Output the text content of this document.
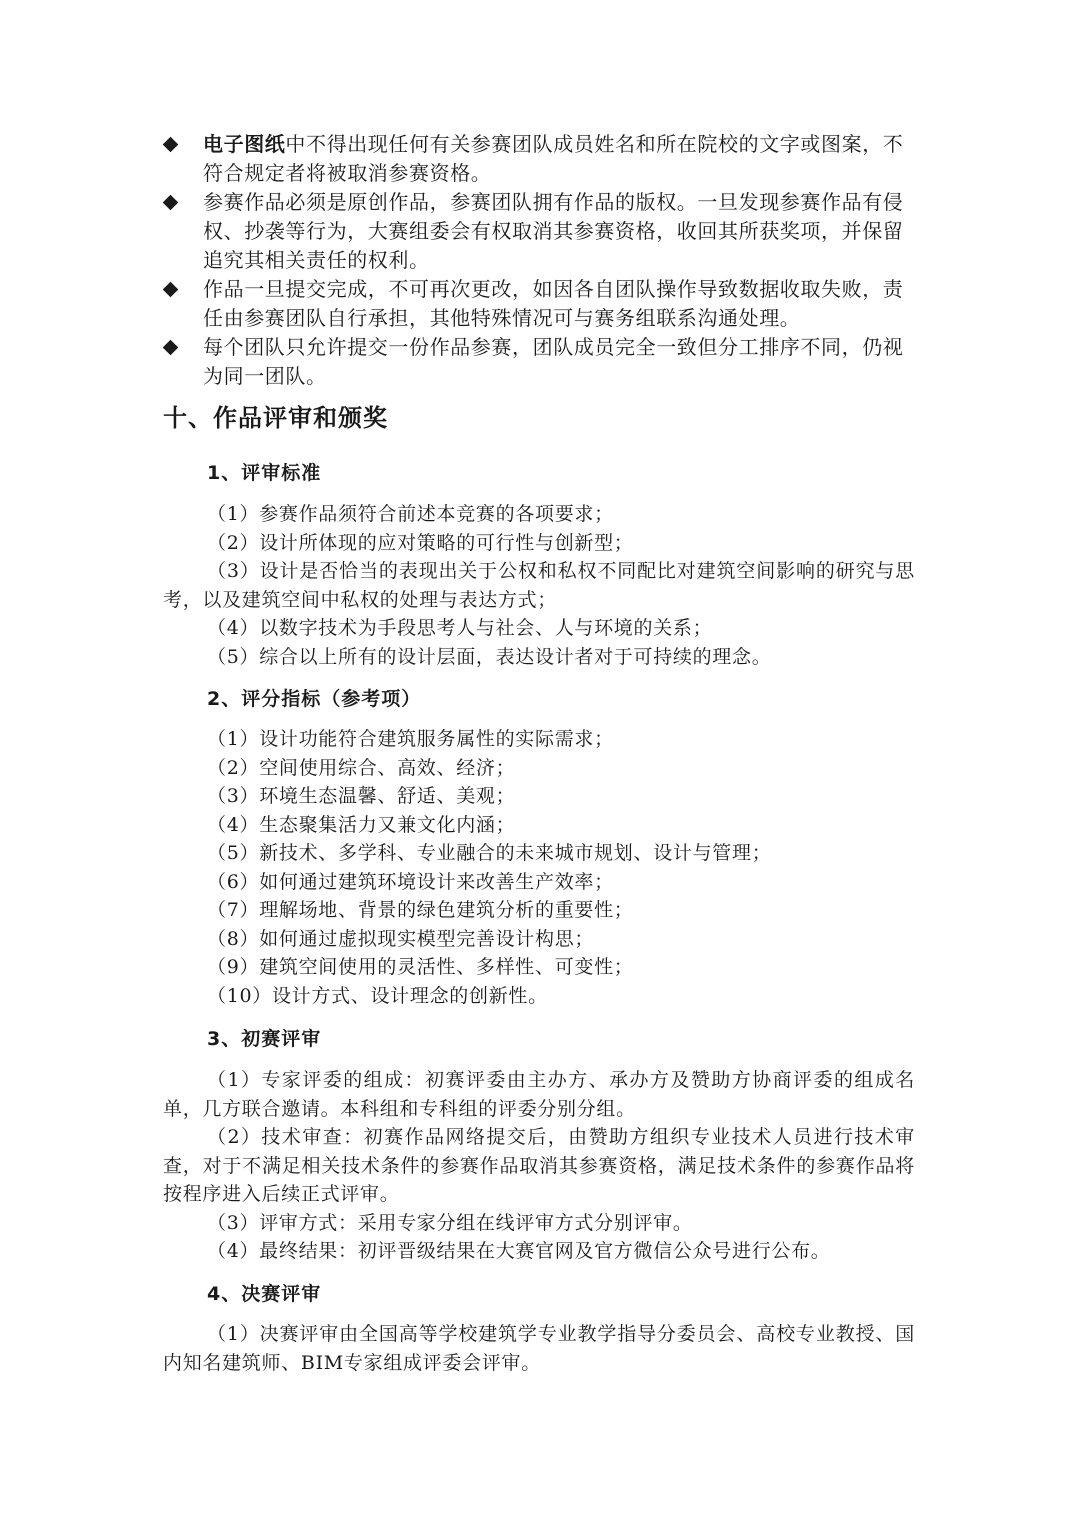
电子图纸中不得出现任何有关参赛团队成员姓名和所在院校的文字或图案，不符合规定者将被取消参赛资格。
参赛作品必须是原创作品，参赛团队拥有作品的版权。一旦发现参赛作品有侵权、抄袭等行为，大赛组委会有权取消其参赛资格，收回其所获奖项，并保留追究其相关责任的权利。
作品一旦提交完成，不可再次更改，如因各自团队操作导致数据收取失败，责任由参赛团队自行承担，其他特殊情况可与赛务组联系沟通处理。
每个团队只允许提交一份作品参赛，团队成员完全一致但分工排序不同，仍视为同一团队。
十、作品评审和颁奖
1、评审标准

（1）参赛作品须符合前述本竞赛的各项要求；

（2）设计所体现的应对策略的可行性与创新型；

（3）设计是否恰当的表现出关于公权和私权不同配比对建筑空间影响的研究与思考，以及建筑空间中私权的处理与表达方式；

（4）以数字技术为手段思考人与社会、人与环境的关系；

（5）综合以上所有的设计层面，表达设计者对于可持续的理念。

2、评分指标（参考项）

（1）设计功能符合建筑服务属性的实际需求；

（2）空间使用综合、高效、经济；

（3）环境生态温馨、舒适、美观；

（4）生态聚集活力又兼文化内涵；

（5）新技术、多学科、专业融合的未来城市规划、设计与管理；

（6）如何通过建筑环境设计来改善生产效率；

（7）理解场地、背景的绿色建筑分析的重要性；

（8）如何通过虚拟现实模型完善设计构思；

（9）建筑空间使用的灵活性、多样性、可变性；

（10）设计方式、设计理念的创新性。

3、初赛评审

（1）专家评委的组成：初赛评委由主办方、承办方及赞助方协商评委的组成名单，几方联合邀请。本科组和专科组的评委分别分组。

（2）技术审查：初赛作品网络提交后，由赞助方组织专业技术人员进行技术审查，对于不满足相关技术条件的参赛作品取消其参赛资格，满足技术条件的参赛作品将按程序进入后续正式评审。

（3）评审方式：采用专家分组在线评审方式分别评审。

（4）最终结果：初评晋级结果在大赛官网及官方微信公众号进行公布。

4、决赛评审

（1）决赛评审由全国高等学校建筑学专业教学指导分委员会、高校专业教授、国内知名建筑师、BIM专家组成评委会评审。
